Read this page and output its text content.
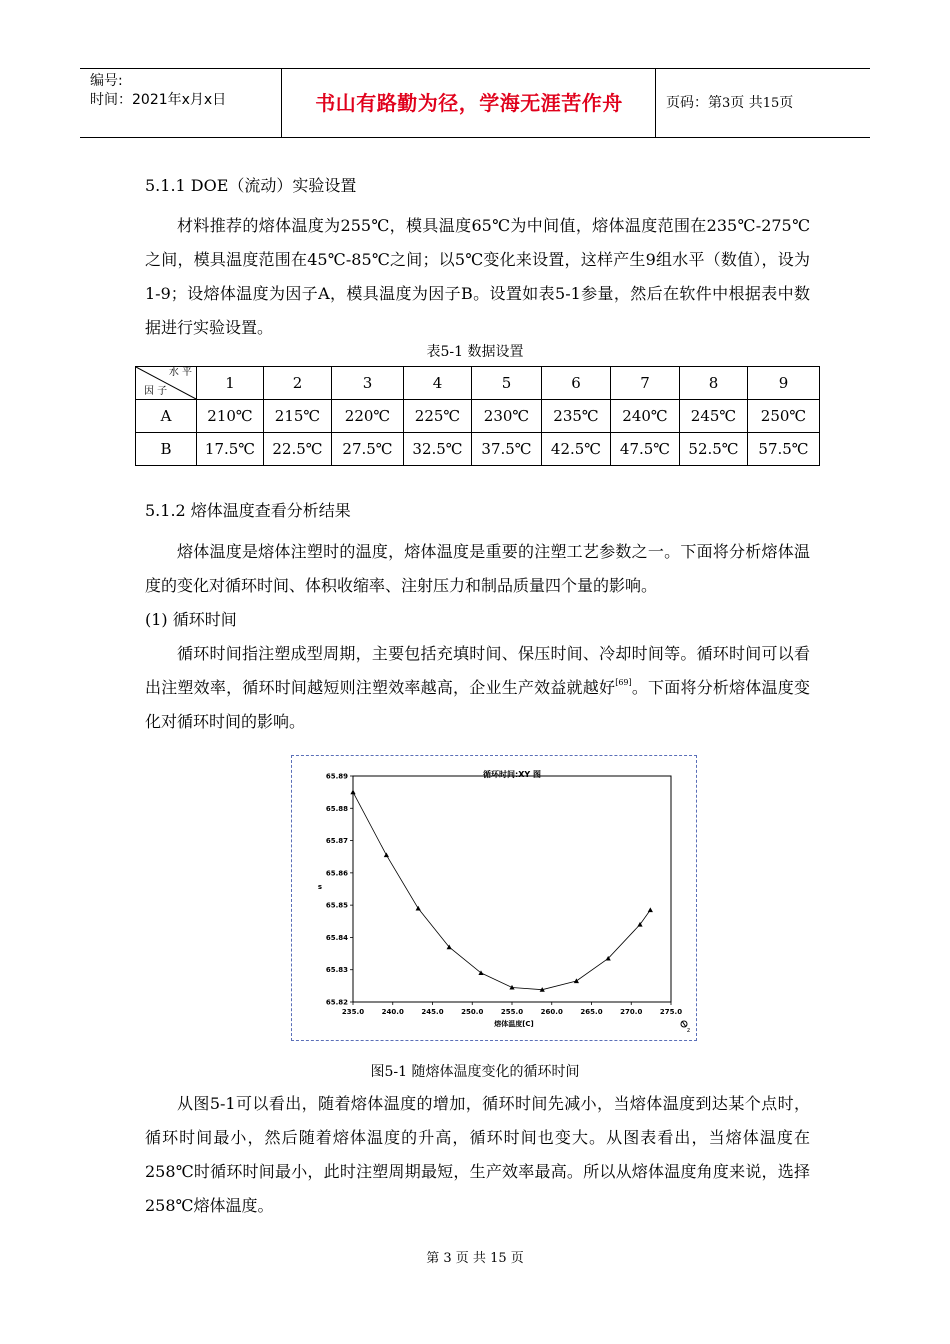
编号:
时间：2021年x月x日	书山有路勤为径，学海无涯苦作舟	页码：第3页 共15页
5.1.1 DOE（流动）实验设置

材料推荐的熔体温度为255℃，模具温度65℃为中间值，熔体温度范围在235℃-275℃之间，模具温度范围在45℃-85℃之间；以5℃变化来设置，这样产生9组水平（数值），设为1-9；设熔体温度为因子A，模具温度为因子B。设置如表5-1参量，然后在软件中根据表中数据进行实验设置。

表5-1 数据设置
水 平
因 子	1	2	3	4	5	6	7	8	9
A	210℃	215℃	220℃	225℃	230℃	235℃	240℃	245℃	250℃
B	17.5℃	22.5℃	27.5℃	32.5℃	37.5℃	42.5℃	47.5℃	52.5℃	57.5℃
5.1.2 熔体温度查看分析结果

熔体温度是熔体注塑时的温度，熔体温度是重要的注塑工艺参数之一。下面将分析熔体温度的变化对循环时间、体积收缩率、注射压力和制品质量四个量的影响。

(1) 循环时间

循环时间指注塑成型周期，主要包括充填时间、保压时间、冷却时间等。循环时间可以看出注塑效率，循环时间越短则注塑效率越高，企业生产效益就越好[69]。下面将分析熔体温度变化对循环时间的影响。

循环时间:XY 图
s
熔体温度[C]
235.0	240.0	245.0	250.0	255.0	260.0	265.0	270.0	275.0
65.82
65.83
65.84
65.85
65.86
65.87
65.88
65.89
z
图5-1 随熔体温度变化的循环时间

从图5-1可以看出，随着熔体温度的增加，循环时间先减小，当熔体温度到达某个点时，循环时间最小，然后随着熔体温度的升高，循环时间也变大。从图表看出，当熔体温度在258℃时循环时间最小，此时注塑周期最短，生产效率最高。所以从熔体温度角度来说，选择258℃熔体温度。

第 3 页 共 15 页
